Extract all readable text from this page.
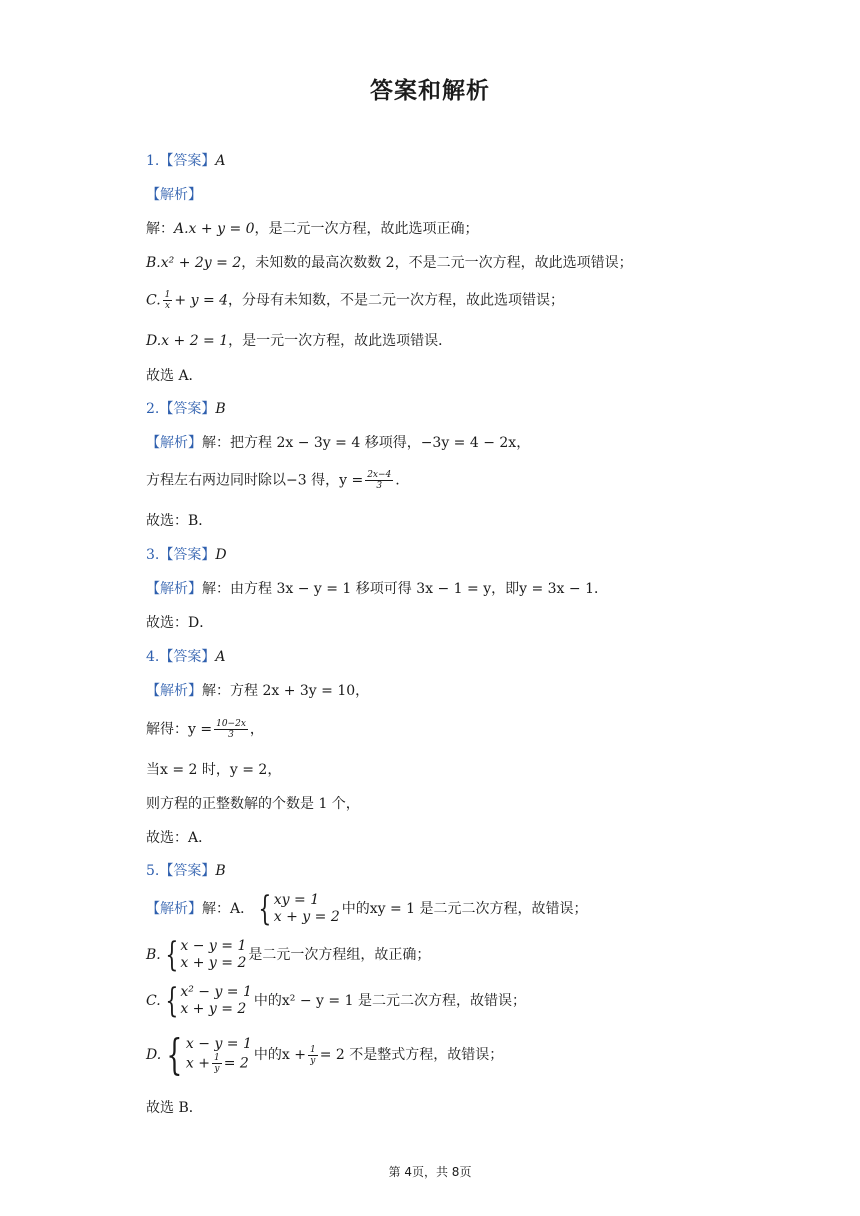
答案和解析
1.【答案】A
【解析】
解：A.x + y = 0，是二元一次方程，故此选项正确；
B.x² + 2y = 2，未知数的最高次数数 2，不是二元一次方程，故此选项错误；
C. $\frac{1}{x} + y = 4$，分母有未知数，不是二元一次方程，故此选项错误；
D.x + 2 = 1，是一元一次方程，故此选项错误．
故选 A．
2.【答案】B
【解析】解：把方程 2x − 3y = 4 移项得，−3y = 4 − 2x，
方程左右两边同时除以−3 得，$y = \frac{2x-4}{3}$ .
故选：B．
3.【答案】D
【解析】解：由方程 3x − y = 1 移项可得 3x − 1 = y，即y = 3x − 1．
故选：D．
4.【答案】A
【解析】解：方程 2x + 3y = 10，
解得：$y = \frac{10-2x}{3}$ ，
当x = 2 时，y = 2，
则方程的正整数解的个数是 1 个，
故选：A．
5.【答案】B
【解析】解：A． { xy = 1
x + y = 2 中的xy = 1 是二元二次方程，故错误；
B. { x − y = 1
x + y = 2 是二元一次方程组，故正确；
C. { x² − y = 1
x + y = 2 中的x² − y = 1 是二元二次方程，故错误；
D. { x − y = 1
$x + \frac{1}{y} = 2$
中的$x + \frac{1}{y} = 2$ 不是整式方程，故错误；
故选 B．
第 4页，共 8页
